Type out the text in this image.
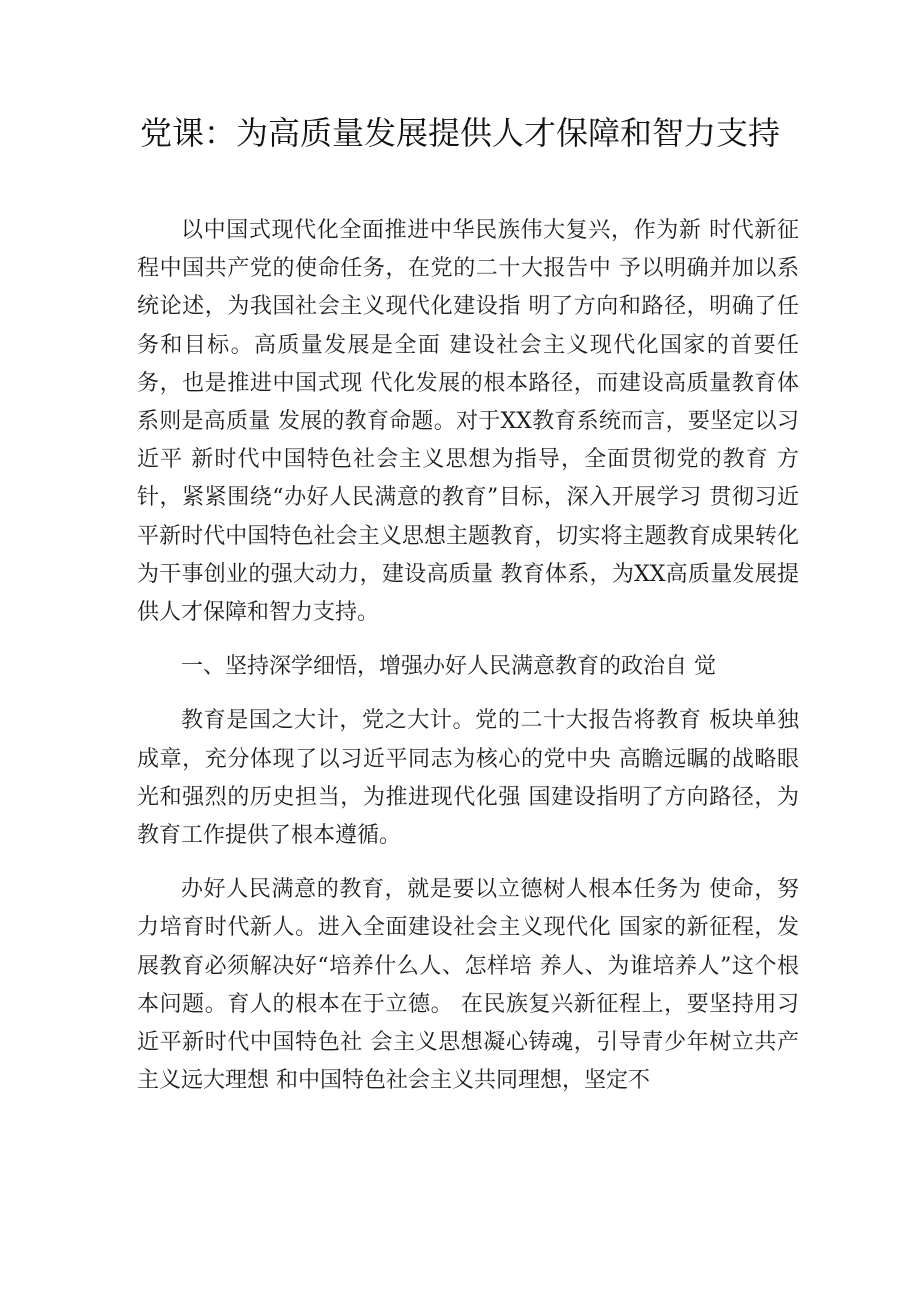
党课：为高质量发展提供人才保障和智力支持

以中国式现代化全面推进中华民族伟大复兴，作为新 时代新征程中国共产党的使命任务，在党的二十大报告中 予以明确并加以系统论述，为我国社会主义现代化建设指 明了方向和路径，明确了任务和目标。高质量发展是全面 建设社会主义现代化国家的首要任务，也是推进中国式现 代化发展的根本路径，而建设高质量教育体系则是高质量 发展的教育命题。对于XX教育系统而言，要坚定以习近平 新时代中国特色社会主义思想为指导，全面贯彻党的教育 方针，紧紧围绕“办好人民满意的教育”目标，深入开展学习 贯彻习近平新时代中国特色社会主义思想主题教育，切实将主题教育成果转化为干事创业的强大动力，建设高质量 教育体系，为XX高质量发展提供人才保障和智力支持。

一、坚持深学细悟，增强办好人民满意教育的政治自 觉

教育是国之大计，党之大计。党的二十大报告将教育 板块单独成章，充分体现了以习近平同志为核心的党中央 高瞻远瞩的战略眼光和强烈的历史担当，为推进现代化强 国建设指明了方向路径，为教育工作提供了根本遵循。

办好人民满意的教育，就是要以立德树人根本任务为 使命，努力培育时代新人。进入全面建设社会主义现代化 国家的新征程，发展教育必须解决好“培养什么人、怎样培 养人、为谁培养人”这个根本问题。育人的根本在于立德。 在民族复兴新征程上，要坚持用习近平新时代中国特色社 会主义思想凝心铸魂，引导青少年树立共产主义远大理想 和中国特色社会主义共同理想，坚定不
